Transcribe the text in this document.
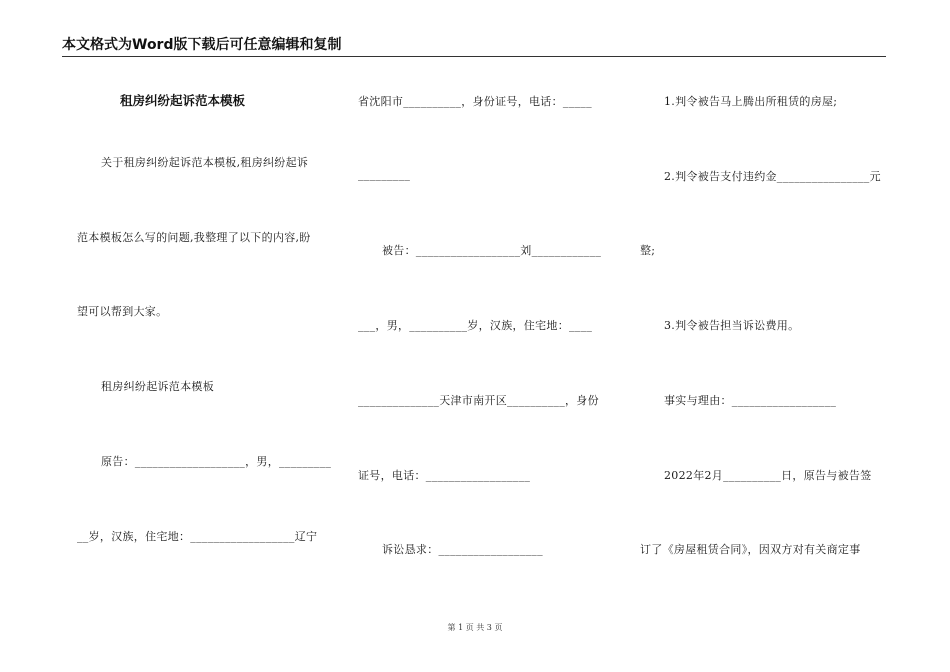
本文格式为Word版下载后可任意编辑和复制
租房纠纷起诉范本模板
关于租房纠纷起诉范本模板,租房纠纷起诉
范本模板怎么写的问题,我整理了以下的内容,盼
望可以帮到大家。
租房纠纷起诉范本模板
原告：___________________，男，_________
__岁，汉族，住宅地：__________________辽宁
省沈阳市__________，身份证号，电话：_____
_________
被告：__________________刘____________
___，男，__________岁，汉族，住宅地：____
______________天津市南开区__________，身份
证号，电话：__________________
诉讼恳求：__________________
1.判令被告马上腾出所租赁的房屋;
2.判令被告支付违约金________________元
整;
3.判令被告担当诉讼费用。
事实与理由：__________________
2022年2月__________日，原告与被告签
订了《房屋租赁合同》，因双方对有关商定事
第 1 页 共 3 页
